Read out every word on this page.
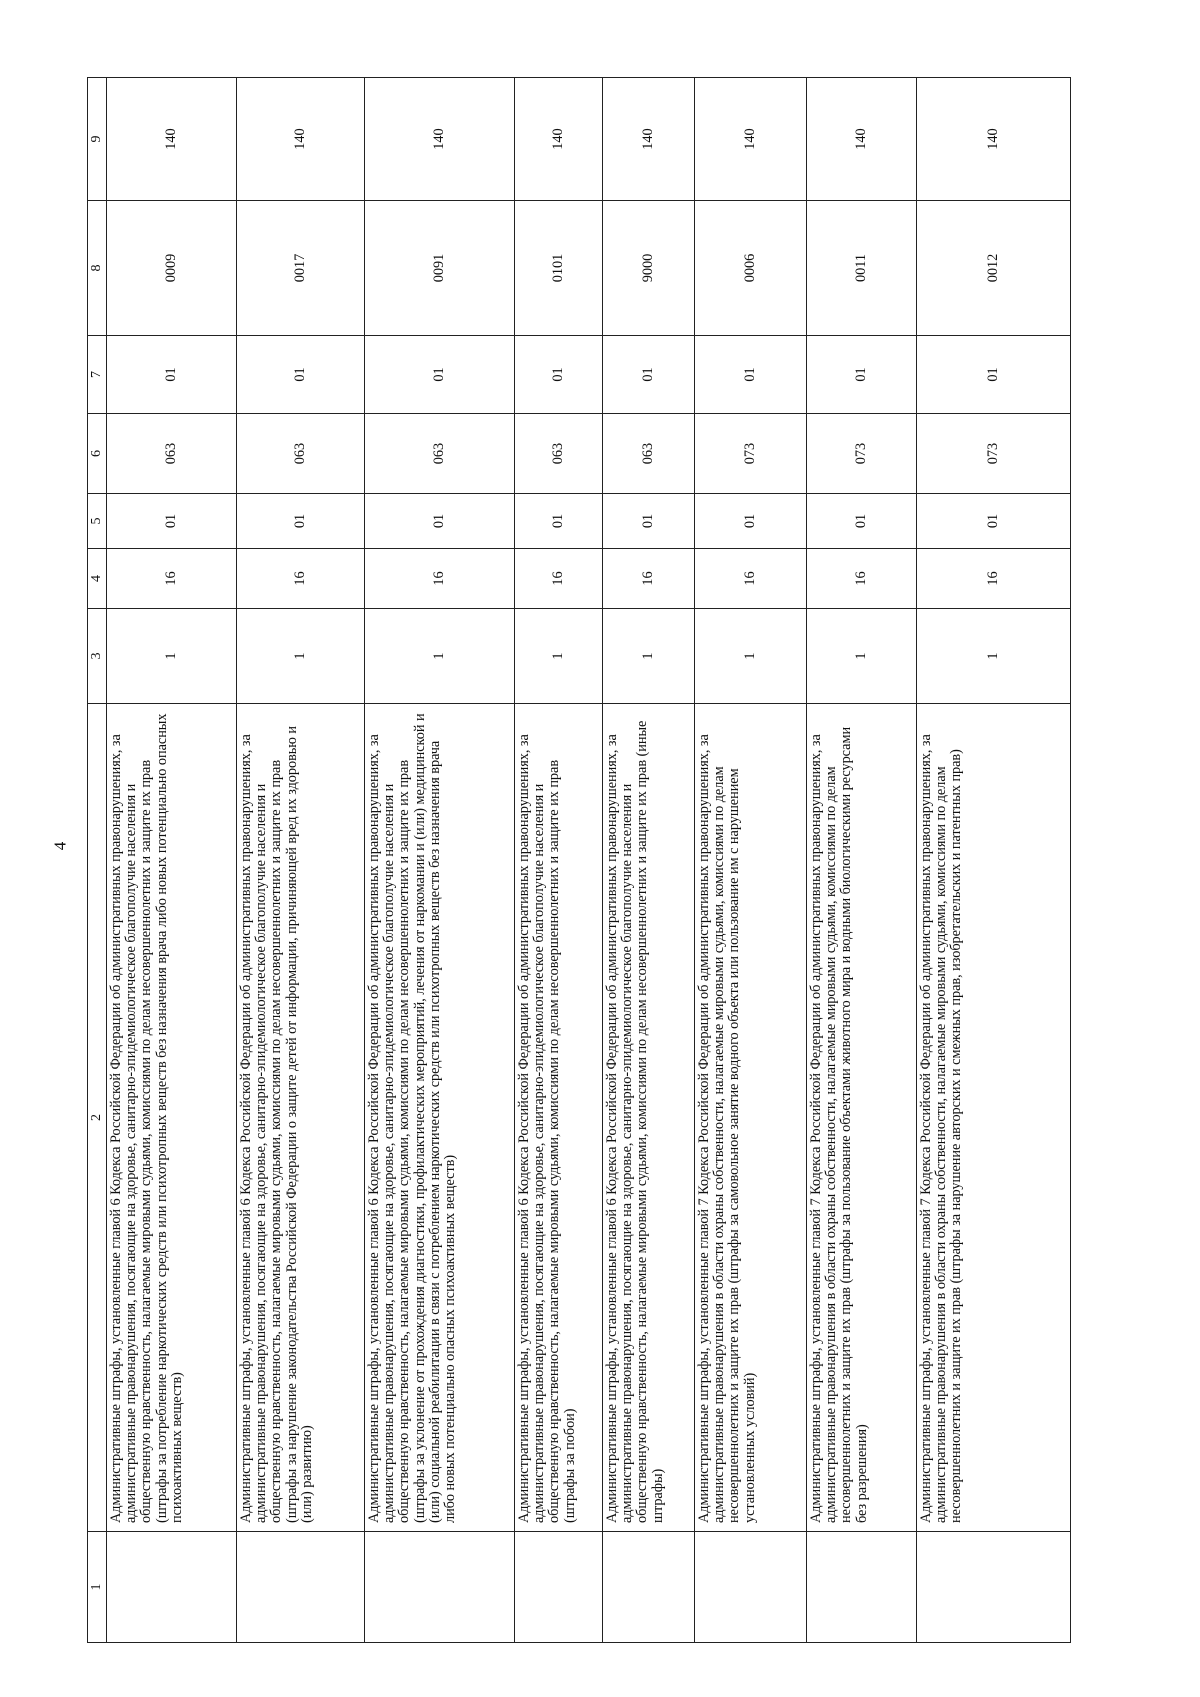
4
1	2	3	4	5	6	7	8	9
	Административные штрафы, установленные главой 6 Кодекса Российской Федерации об административных правонарушениях, за административные правонарушения, посягающие на здоровье, санитарно-эпидемиологическое благополучие населения и общественную нравственность, налагаемые мировыми судьями, комиссиями по делам несовершеннолетних и защите их прав (штрафы за потребление наркотических средств или психотропных веществ без назначения врача либо новых потенциально опасных психоактивных веществ)	1	16	01	063	01	0009	140
	Административные штрафы, установленные главой 6 Кодекса Российской Федерации об административных правонарушениях, за административные правонарушения, посягающие на здоровье, санитарно-эпидемиологическое благополучие населения и общественную нравственность, налагаемые мировыми судьями, комиссиями по делам несовершеннолетних и защите их прав (штрафы за нарушение законодательства Российской Федерации о защите детей от информации, причиняющей вред их здоровью и (или) развитию)	1	16	01	063	01	0017	140
	Административные штрафы, установленные главой 6 Кодекса Российской Федерации об административных правонарушениях, за административные правонарушения, посягающие на здоровье, санитарно-эпидемиологическое благополучие населения и общественную нравственность, налагаемые мировыми судьями, комиссиями по делам несовершеннолетних и защите их прав (штрафы за уклонение от прохождения диагностики, профилактических мероприятий, лечения от наркомании и (или) медицинской и (или) социальной реабилитации в связи с потреблением наркотических средств или психотропных веществ без назначения врача либо новых потенциально опасных психоактивных веществ)	1	16	01	063	01	0091	140
	Административные штрафы, установленные главой 6 Кодекса Российской Федерации об административных правонарушениях, за административные правонарушения, посягающие на здоровье, санитарно-эпидемиологическое благополучие населения и общественную нравственность, налагаемые мировыми судьями, комиссиями по делам несовершеннолетних и защите их прав (штрафы за побои)	1	16	01	063	01	0101	140
	Административные штрафы, установленные главой 6 Кодекса Российской Федерации об административных правонарушениях, за административные правонарушения, посягающие на здоровье, санитарно-эпидемиологическое благополучие населения и общественную нравственность, налагаемые мировыми судьями, комиссиями по делам несовершеннолетних и защите их прав (иные штрафы)	1	16	01	063	01	9000	140
	Административные штрафы, установленные главой 7 Кодекса Российской Федерации об административных правонарушениях, за административные правонарушения в области охраны собственности, налагаемые мировыми судьями, комиссиями по делам несовершеннолетних и защите их прав (штрафы за самовольное занятие водного объекта или пользование им с нарушением установленных условий)	1	16	01	073	01	0006	140
	Административные штрафы, установленные главой 7 Кодекса Российской Федерации об административных правонарушениях, за административные правонарушения в области охраны собственности, налагаемые мировыми судьями, комиссиями по делам несовершеннолетних и защите их прав (штрафы за пользование объектами животного мира и водными биологическими ресурсами без разрешения)	1	16	01	073	01	0011	140
	Административные штрафы, установленные главой 7 Кодекса Российской Федерации об административных правонарушениях, за административные правонарушения в области охраны собственности, налагаемые мировыми судьями, комиссиями по делам несовершеннолетних и защите их прав (штрафы за нарушение авторских и смежных прав, изобретательских и патентных прав)	1	16	01	073	01	0012	140
